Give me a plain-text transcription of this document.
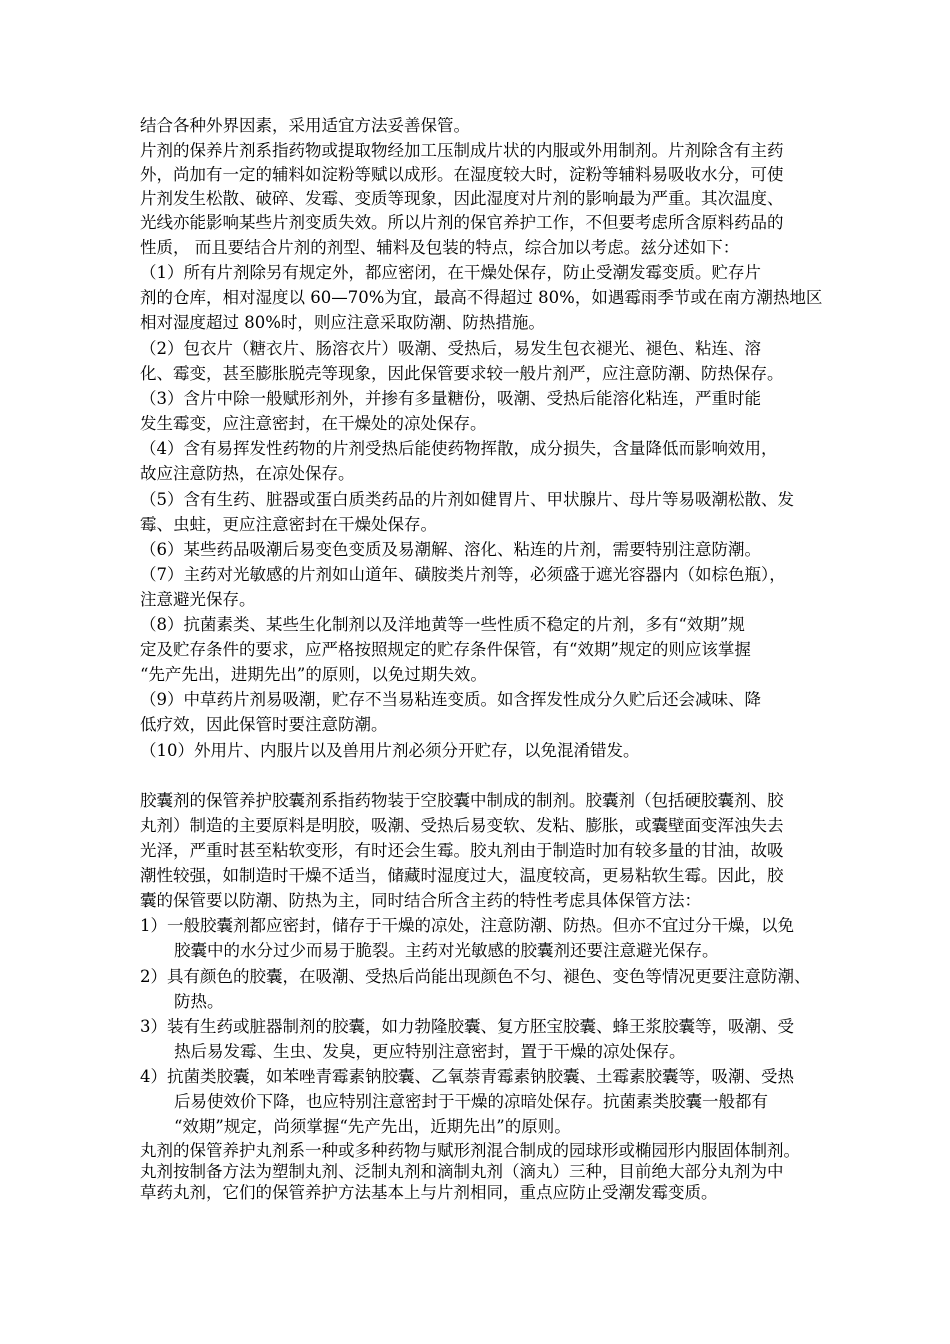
结合各种外界因素，采用适宜方法妥善保管。
片剂的保养片剂系指药物或提取物经加工压制成片状的内服或外用制剂。片剂除含有主药
外，尚加有一定的辅料如淀粉等赋以成形。在湿度较大时，淀粉等辅料易吸收水分，可使
片剂发生松散、破碎、发霉、变质等现象，因此湿度对片剂的影响最为严重。其次温度、
光线亦能影响某些片剂变质失效。所以片剂的保官养护工作，不但要考虑所含原料药品的
性质， 而且要结合片剂的剂型、辅料及包装的特点，综合加以考虑。兹分述如下：
（1）所有片剂除另有规定外，都应密闭，在干燥处保存，防止受潮发霉变质。贮存片
剂的仓库，相对湿度以 60—70%为宜，最高不得超过 80%，如遇霉雨季节或在南方潮热地区
相对湿度超过 80%时，则应注意采取防潮、防热措施。
（2）包衣片（糖衣片、肠溶衣片）吸潮、受热后，易发生包衣褪光、褪色、粘连、溶
化、霉变，甚至膨胀脱壳等现象，因此保管要求较一般片剂严，应注意防潮、防热保存。
（3）含片中除一般赋形剂外，并掺有多量糖份，吸潮、受热后能溶化粘连，严重时能
发生霉变，应注意密封，在干燥处的凉处保存。
（4）含有易挥发性药物的片剂受热后能使药物挥散，成分损失，含量降低而影响效用，
故应注意防热，在凉处保存。
（5）含有生药、脏器或蛋白质类药品的片剂如健胃片、甲状腺片、母片等易吸潮松散、发
霉、虫蛀，更应注意密封在干燥处保存。
（6）某些药品吸潮后易变色变质及易潮解、溶化、粘连的片剂，需要特别注意防潮。
（7）主药对光敏感的片剂如山道年、磺胺类片剂等，必须盛于遮光容器内（如棕色瓶），
注意避光保存。
（8）抗菌素类、某些生化制剂以及洋地黄等一些性质不稳定的片剂，多有“效期”规
定及贮存条件的要求，应严格按照规定的贮存条件保管，有“效期”规定的则应该掌握
“先产先出，进期先出”的原则，以免过期失效。
（9）中草药片剂易吸潮，贮存不当易粘连变质。如含挥发性成分久贮后还会减味、降
低疗效，因此保管时要注意防潮。
（10）外用片、内服片以及兽用片剂必须分开贮存，以免混淆错发。
胶囊剂的保管养护胶囊剂系指药物装于空胶囊中制成的制剂。胶囊剂（包括硬胶囊剂、胶
丸剂）制造的主要原料是明胶，吸潮、受热后易变软、发粘、膨胀，或囊壁面变浑浊失去
光泽，严重时甚至粘软变形，有时还会生霉。胶丸剂由于制造时加有较多量的甘油，故吸
潮性较强，如制造时干燥不适当，储藏时湿度过大，温度较高，更易粘软生霉。因此，胶
囊的保管要以防潮、防热为主，同时结合所含主药的特性考虑具体保管方法：
1）一般胶囊剂都应密封，储存于干燥的凉处，注意防潮、防热。但亦不宜过分干燥，以免
胶囊中的水分过少而易于脆裂。主药对光敏感的胶囊剂还要注意避光保存。
2）具有颜色的胶囊，在吸潮、受热后尚能出现颜色不匀、褪色、变色等情况更要注意防潮、
防热。
3）装有生药或脏器制剂的胶囊，如力勃隆胶囊、复方胚宝胶囊、蜂王浆胶囊等，吸潮、受
热后易发霉、生虫、发臭，更应特别注意密封，置于干燥的凉处保存。
4）抗菌类胶囊，如苯唑青霉素钠胶囊、乙氧萘青霉素钠胶囊、土霉素胶囊等，吸潮、受热
后易使效价下降，也应特别注意密封于干燥的凉暗处保存。抗菌素类胶囊一般都有
“效期”规定，尚须掌握“先产先出，近期先出”的原则。
丸剂的保管养护丸剂系一种或多种药物与赋形剂混合制成的园球形或椭园形内服固体制剂。
丸剂按制备方法为塑制丸剂、泛制丸剂和滴制丸剂（滴丸）三种，目前绝大部分丸剂为中
草药丸剂，它们的保管养护方法基本上与片剂相同，重点应防止受潮发霉变质。
